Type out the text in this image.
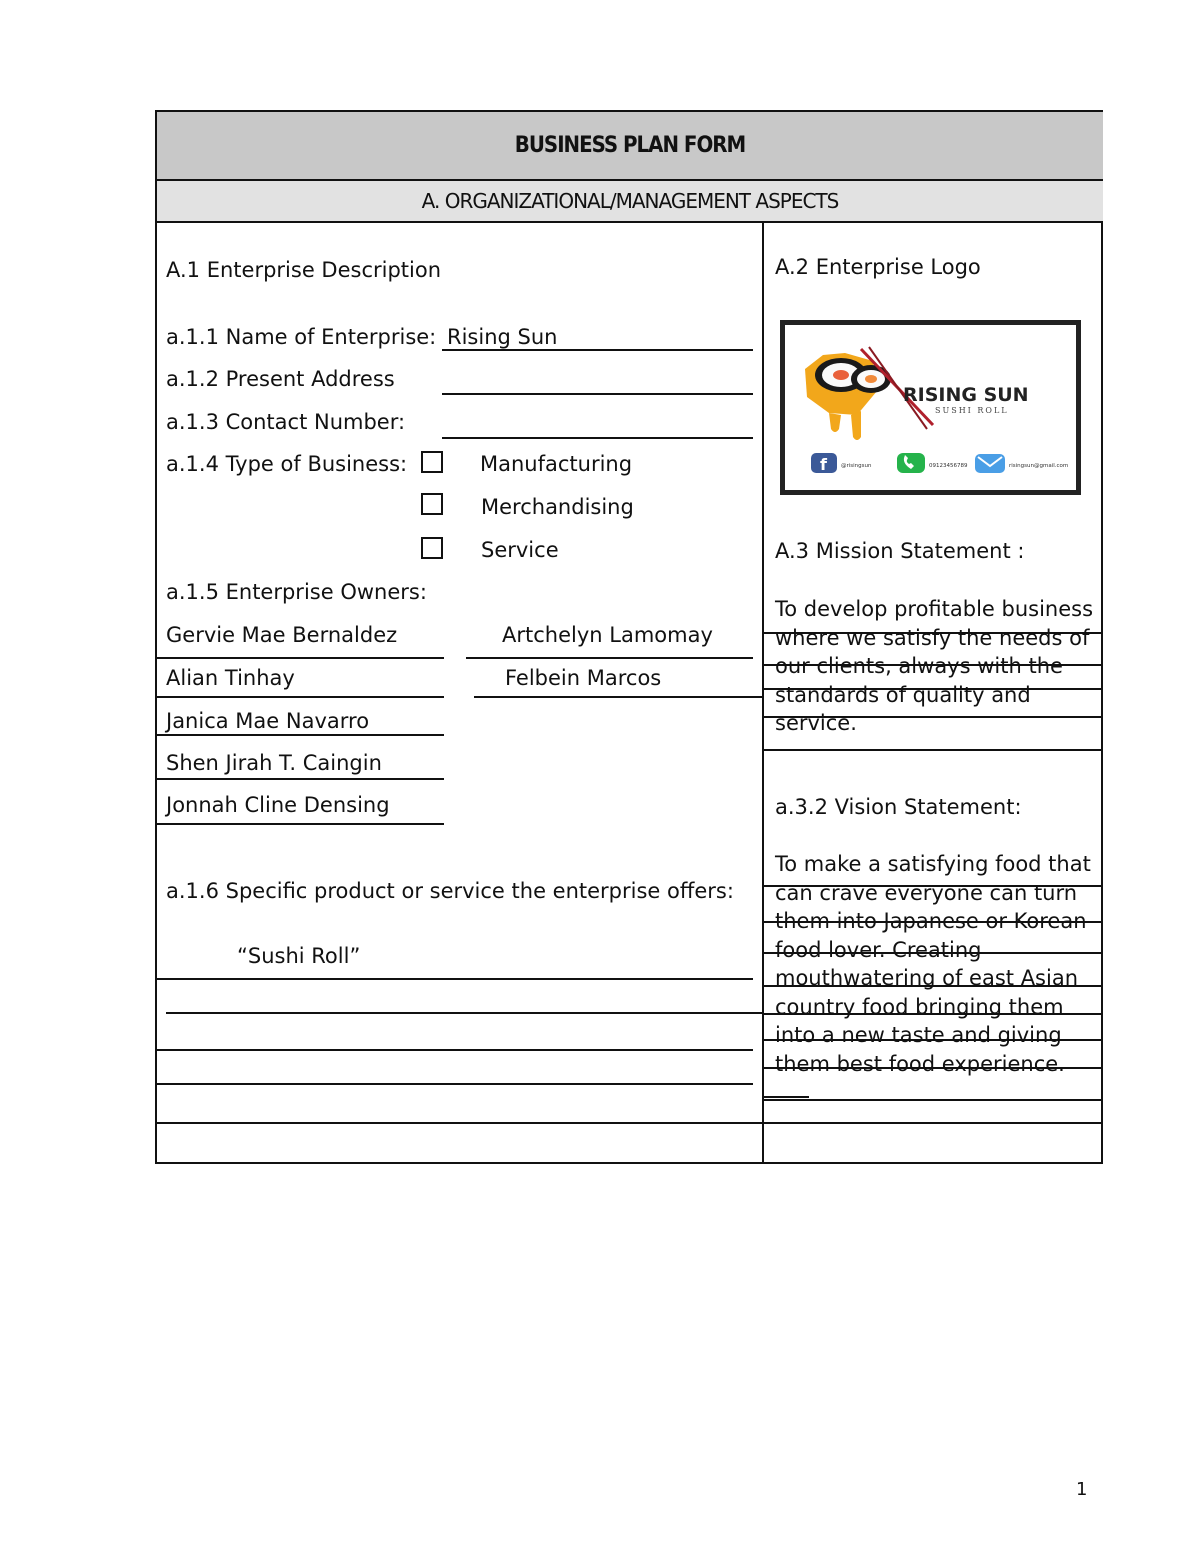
BUSINESS PLAN FORM
A. ORGANIZATIONAL/MANAGEMENT ASPECTS
A.1 Enterprise Description
a.1.1 Name of Enterprise: Rising Sun
a.1.2 Present Address
a.1.3 Contact Number:
a.1.4 Type of Business:	Manufacturing
Merchandising
Service
a.1.5 Enterprise Owners:
Gervie Mae Bernaldez	Artchelyn Lamomay
Alian Tinhay	Felbein Marcos
Janica Mae Navarro
Shen Jirah T. Caingin
Jonnah Cline Densing
a.1.6 Specific product or service the enterprise offers:
“Sushi Roll”
A.2 Enterprise Logo
RISING SUN
SUSHI ROLL
f	@risingsun	09123456789	risingsun@gmail.com
A.3 Mission Statement :
To develop profitable business where we satisfy the needs of our clients, always with the standards of quality and service.
a.3.2 Vision Statement:
To make a satisfying food that can crave everyone can turn them into Japanese or Korean food lover. Creating mouthwatering of east Asian country food bringing them into a new taste and giving them best food experience.
1
